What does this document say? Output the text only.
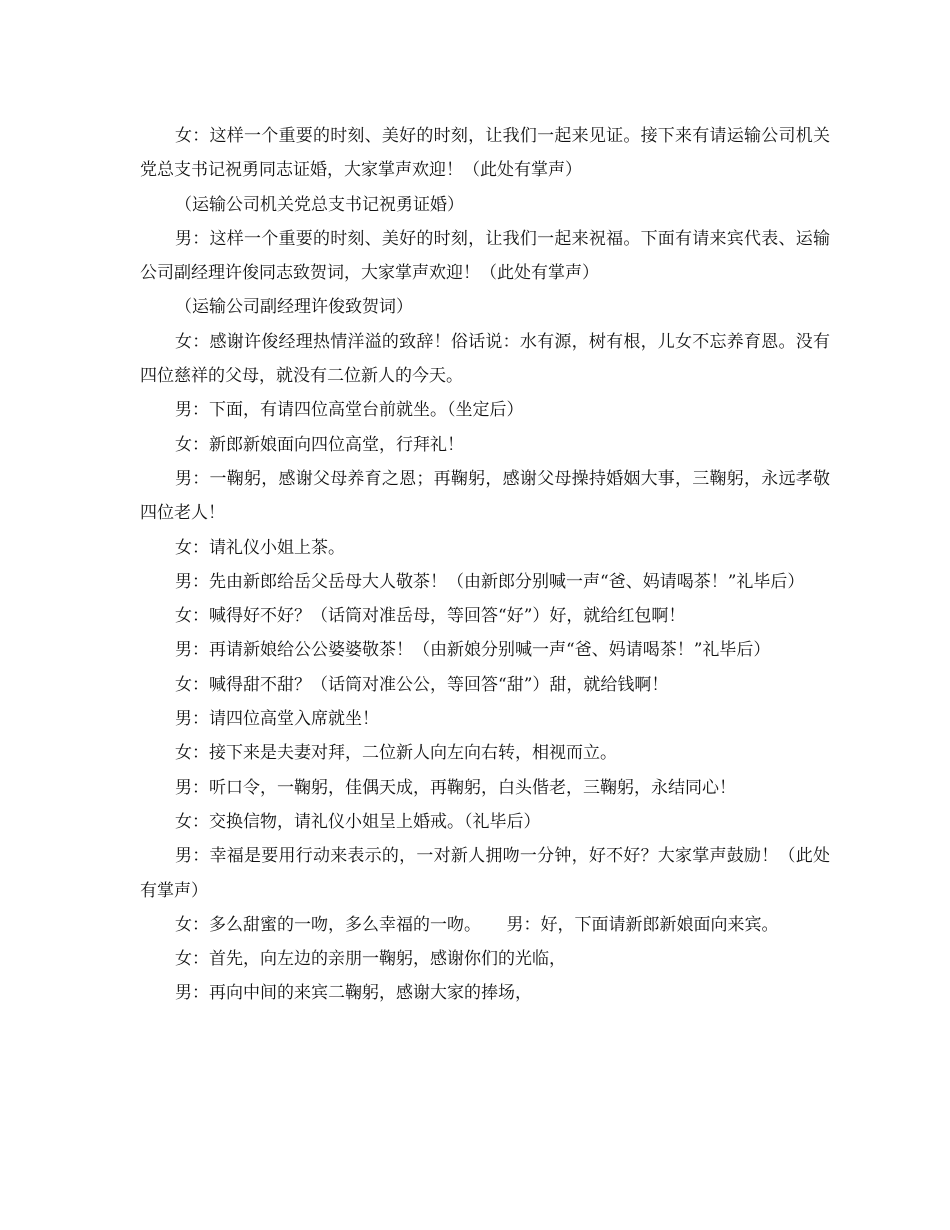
女：这样一个重要的时刻、美好的时刻，让我们一起来见证。接下来有请运输公司机关党总支书记祝勇同志证婚，大家掌声欢迎！（此处有掌声）

（运输公司机关党总支书记祝勇证婚）

男：这样一个重要的时刻、美好的时刻，让我们一起来祝福。下面有请来宾代表、运输公司副经理许俊同志致贺词，大家掌声欢迎！（此处有掌声）

（运输公司副经理许俊致贺词）

女：感谢许俊经理热情洋溢的致辞！俗话说：水有源，树有根，儿女不忘养育恩。没有四位慈祥的父母，就没有二位新人的今天。

男：下面，有请四位高堂台前就坐。（坐定后）

女：新郎新娘面向四位高堂，行拜礼！

男：一鞠躬，感谢父母养育之恩；再鞠躬，感谢父母操持婚姻大事，三鞠躬，永远孝敬四位老人！

女：请礼仪小姐上茶。

男：先由新郎给岳父岳母大人敬茶！（由新郎分别喊一声“爸、妈请喝茶！”礼毕后）

女：喊得好不好？（话筒对准岳母，等回答“好”）好，就给红包啊！

男：再请新娘给公公婆婆敬茶！（由新娘分别喊一声“爸、妈请喝茶！”礼毕后）

女：喊得甜不甜？（话筒对准公公，等回答“甜”）甜，就给钱啊！

男：请四位高堂入席就坐！

女：接下来是夫妻对拜，二位新人向左向右转，相视而立。

男：听口令，一鞠躬，佳偶天成，再鞠躬，白头偕老，三鞠躬，永结同心！

女：交换信物，请礼仪小姐呈上婚戒。（礼毕后）

男：幸福是要用行动来表示的，一对新人拥吻一分钟，好不好？大家掌声鼓励！（此处有掌声）

女：多么甜蜜的一吻，多么幸福的一吻。　　男：好，下面请新郎新娘面向来宾。

女：首先，向左边的亲朋一鞠躬，感谢你们的光临，

男：再向中间的来宾二鞠躬，感谢大家的捧场，
